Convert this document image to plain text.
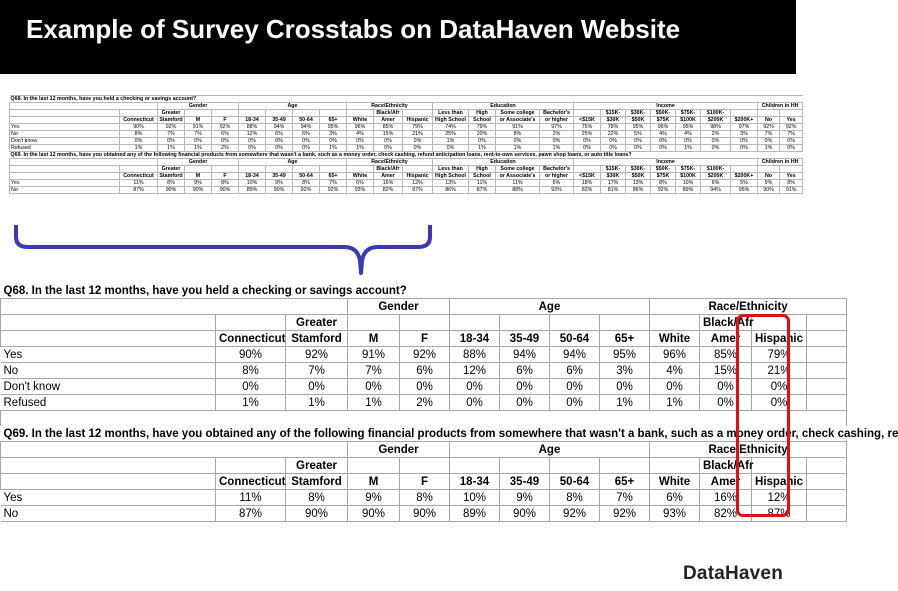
Example of Survey Crosstabs on DataHaven Website
Q68. In the last 12 months, have you held a checking or savings account?																								
		Gender			Age				Race/Ethnicity			Education				Income							Children in HH	
		Greater								Black/Afr		Less than	High	Some college	Bachelor's		$15K-	$30K-	$50K-	$75K-	$100K-			
	Connecticut	Stamford	M	F	18-34	35-49	50-64	65+	White	Amer	Hispanic	High School	School	or Associate's	or higher	<$15K	$30K	$50K	$75K	$100K	$200K	$200K+	No	Yes
Yes	90%	92%	91%	92%	88%	94%	94%	95%	96%	85%	79%	74%	79%	91%	97%	75%	78%	95%	96%	95%	98%	97%	92%	92%
No	8%	7%	7%	6%	12%	6%	6%	3%	4%	15%	21%	25%	20%	8%	2%	25%	22%	5%	4%	4%	2%	3%	7%	7%
Don't know	0%	0%	0%	0%	0%	0%	0%	0%	0%	0%	0%	1%	0%	0%	0%	0%	0%	0%	0%	0%	0%	0%	0%	0%
Refused	1%	1%	1%	2%	0%	0%	0%	1%	1%	0%	0%	0%	1%	1%	1%	0%	0%	0%	0%	1%	0%	0%	1%	0%
Q69. In the last 12 months, have you obtained any of the following financial products from somewhere that wasn't a bank, such as a money order, check cashing, refund anticipation loans, rent-to-own services, pawn shop loans, or auto title loans?																								
		Gender			Age				Race/Ethnicity			Education				Income							Children in HH	
		Greater								Black/Afr		Less than	High	Some college	Bachelor's		$15K-	$30K-	$50K-	$75K-	$100K-			
	Connecticut	Stamford	M	F	18-34	35-49	50-64	65+	White	Amer	Hispanic	High School	School	or Associate's	or higher	<$15K	$30K	$50K	$75K	$100K	$200K	$200K+	No	Yes
Yes	11%	8%	9%	8%	10%	9%	8%	7%	6%	16%	12%	13%	11%	11%	6%	18%	17%	13%	8%	10%	6%	5%	9%	8%
No	87%	90%	90%	90%	89%	90%	92%	92%	93%	82%	87%	86%	87%	88%	93%	82%	81%	86%	92%	89%	94%	95%	90%	91%
Q68. In the last 12 months, have you held a checking or savings account?												
			Gender		Age				Race/Ethnicity			
		Greater								Black/Afr		
	Connecticut	Stamford	M	F	18-34	35-49	50-64	65+	White	Amer	Hispanic	
Yes	90%	92%	91%	92%	88%	94%	94%	95%	96%	85%	79%	
No	8%	7%	7%	6%	12%	6%	6%	3%	4%	15%	21%	
Don't know	0%	0%	0%	0%	0%	0%	0%	0%	0%	0%	0%	
Refused	1%	1%	1%	2%	0%	0%	0%	1%	1%	0%	0%	

Q69. In the last 12 months, have you obtained any of the following financial products from somewhere that wasn't a bank, such as a money order, check cashing, re												
			Gender		Age				Race/Ethnicity			
		Greater								Black/Afr		
	Connecticut	Stamford	M	F	18-34	35-49	50-64	65+	White	Amer	Hispanic	
Yes	11%	8%	9%	8%	10%	9%	8%	7%	6%	16%	12%	
No	87%	90%	90%	90%	89%	90%	92%	92%	93%	82%	87%	
DataHaven
